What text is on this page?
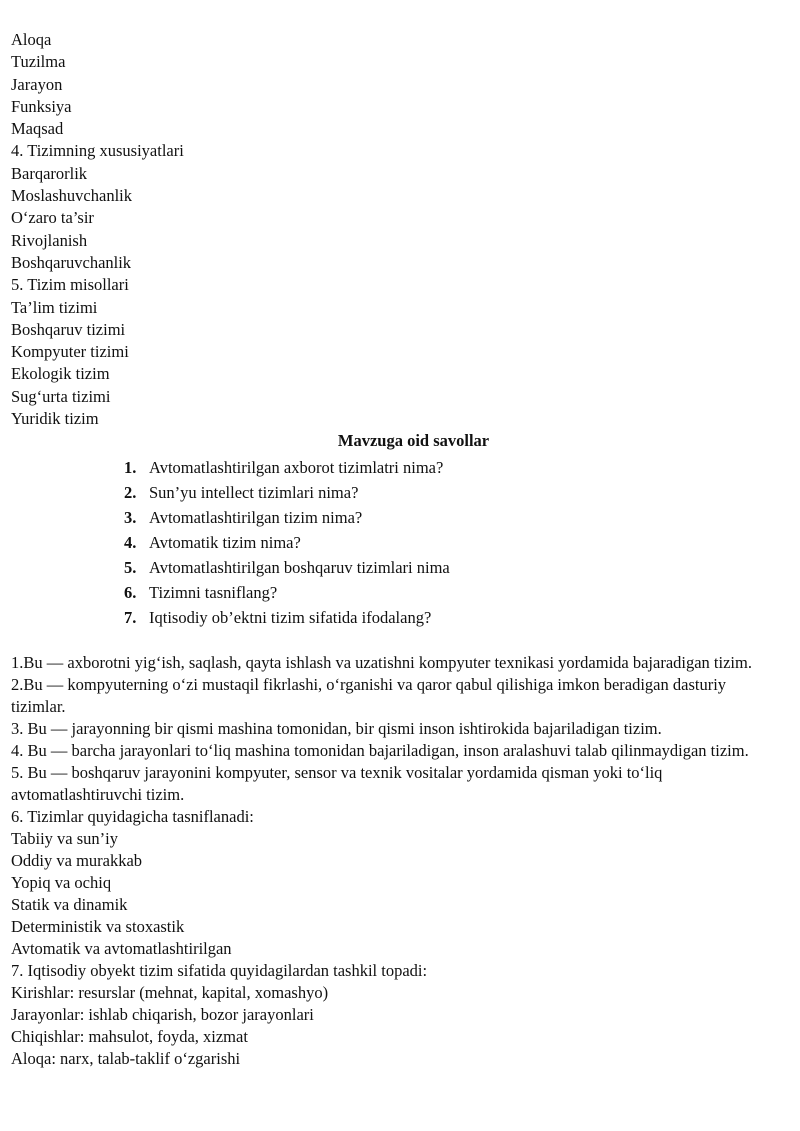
Aloqa
Tuzilma
Jarayon
Funksiya
Maqsad
4. Tizimning xususiyatlari
Barqarorlik
Moslashuvchanlik
O‘zaro ta’sir
Rivojlanish
Boshqaruvchanlik
5. Tizim misollari
Ta’lim tizimi
Boshqaruv tizimi
Kompyuter tizimi
Ekologik tizim
Sug‘urta tizimi
Yuridik tizim
Mavzuga oid savollar
1. Avtomatlashtirilgan axborot tizimlatri nima?
2. Sun’yu intellect tizimlari nima?
3. Avtomatlashtirilgan tizim nima?
4. Avtomatik tizim nima?
5. Avtomatlashtirilgan boshqaruv tizimlari nima
6. Tizimni tasniflang?
7. Iqtisodiy ob’ektni tizim sifatida ifodalang?
1.Bu — axborotni yig‘ish, saqlash, qayta ishlash va uzatishni kompyuter texnikasi yordamida bajaradigan tizim.
2.Bu — kompyuterning o‘zi mustaqil fikrlashi, o‘rganishi va qaror qabul qilishiga imkon beradigan dasturiy tizimlar.
3. Bu — jarayonning bir qismi mashina tomonidan, bir qismi inson ishtirokida bajariladigan tizim.
4. Bu — barcha jarayonlari to‘liq mashina tomonidan bajariladigan, inson aralashuvi talab qilinmaydigan tizim.
5. Bu — boshqaruv jarayonini kompyuter, sensor va texnik vositalar yordamida qisman yoki to‘liq avtomatlashtiruvchi tizim.
6. Tizimlar quyidagicha tasniflanadi:
Tabiiy va sun’iy
Oddiy va murakkab
Yopiq va ochiq
Statik va dinamik
Deterministik va stoxastik
Avtomatik va avtomatlashtirilgan
7. Iqtisodiy obyekt tizim sifatida quyidagilardan tashkil topadi:
Kirishlar: resurslar (mehnat, kapital, xomashyo)
Jarayonlar: ishlab chiqarish, bozor jarayonlari
Chiqishlar: mahsulot, foyda, xizmat
Aloqa: narx, talab-taklif o‘zgarishi
